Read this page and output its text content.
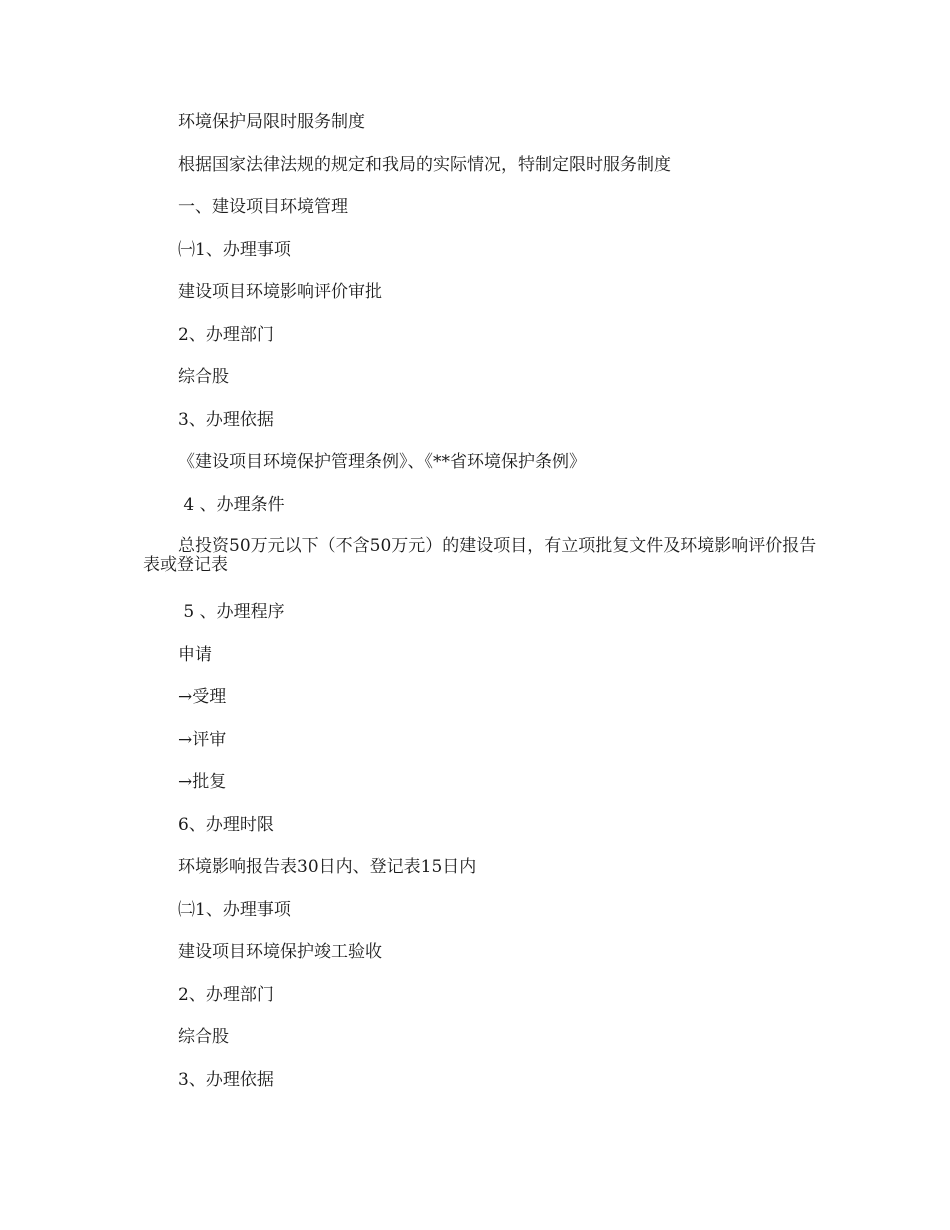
环境保护局限时服务制度

根据国家法律法规的规定和我局的实际情况，特制定限时服务制度

一、建设项目环境管理

㈠1、办理事项

建设项目环境影响评价审批

2、办理部门

综合股

3、办理依据

《建设项目环境保护管理条例》、《**省环境保护条例》

4 、办理条件

总投资50万元以下（不含50万元）的建设项目，有立项批复文件及环境影响评价报告表或登记表

5 、办理程序

申请

→受理

→评审

→批复

6、办理时限

环境影响报告表30日内、登记表15日内

㈡1、办理事项

建设项目环境保护竣工验收

2、办理部门

综合股

3、办理依据
